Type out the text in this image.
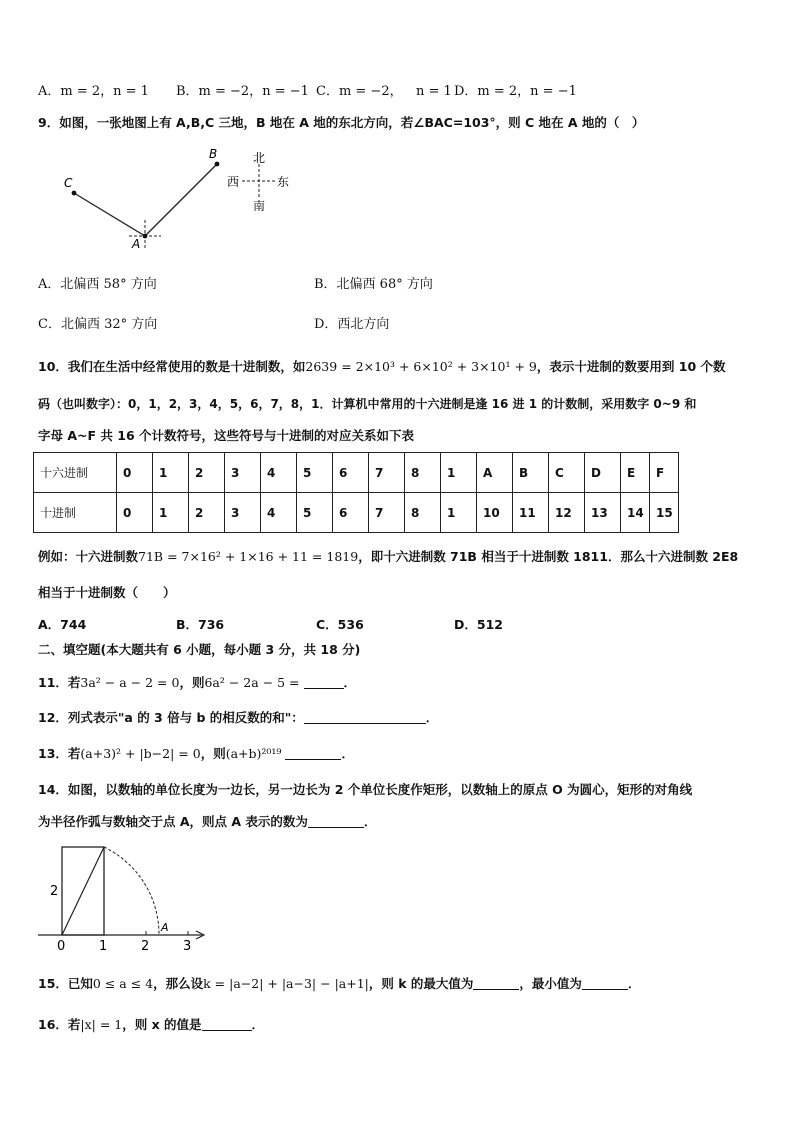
A．m = 2，n = 1 B．m = −2，n = −1 C．m = −2， n = 1 D．m = 2，n = −1
9．如图，一张地图上有 A,B,C 三地，B 地在 A 地的东北方向，若∠BAC=103°，则 C 地在 A 地的（　）
A
B
C
北
南
西	东
A．北偏西 58° 方向	B．北偏西 68° 方向
C．北偏西 32° 方向	D．西北方向
10．我们在生活中经常使用的数是十进制数，如2639 = 2×10³ + 6×10² + 3×10¹ + 9，表示十进制的数要用到 10 个数
码（也叫数字）：0，1，2，3，4，5，6，7，8，1．计算机中常用的十六进制是逢 16 进 1 的计数制，采用数字 0~9 和
字母 A~F 共 16 个计数符号，这些符号与十进制的对应关系如下表
十六进制	0	1	2	3	4	5	6	7	8	1	A	B	C	D	E	F
十进制	0	1	2	3	4	5	6	7	8	1	10	11	12	13	14	15
例如：十六进制数71B = 7×16² + 1×16 + 11 = 1819，即十六进制数 71B 相当于十进制数 1811．那么十六进制数 2E8
相当于十进制数（　　）
A．744	B．736	C．536	D．512
二、填空题(本大题共有 6 小题，每小题 3 分，共 18 分)
11．若3a² − a − 2 = 0，则6a² − 2a − 5 =	．
12．列式表示"a 的 3 倍与 b 的相反数的和"：	．
13．若(a+3)² + |b−2| = 0，则(a+b)²⁰¹⁹	．
14．如图，以数轴的单位长度为一边长，另一边长为 2 个单位长度作矩形，以数轴上的原点 O 为圆心，矩形的对角线
为半径作弧与数轴交于点 A，则点 A 表示的数为	．
2
0	1	2	3
A
15．已知0 ≤ a ≤ 4，那么设k = |a−2| + |a−3| − |a+1|，则 k 的最大值为	，最小值为	．
16．若|x| = 1，则 x 的值是	．
